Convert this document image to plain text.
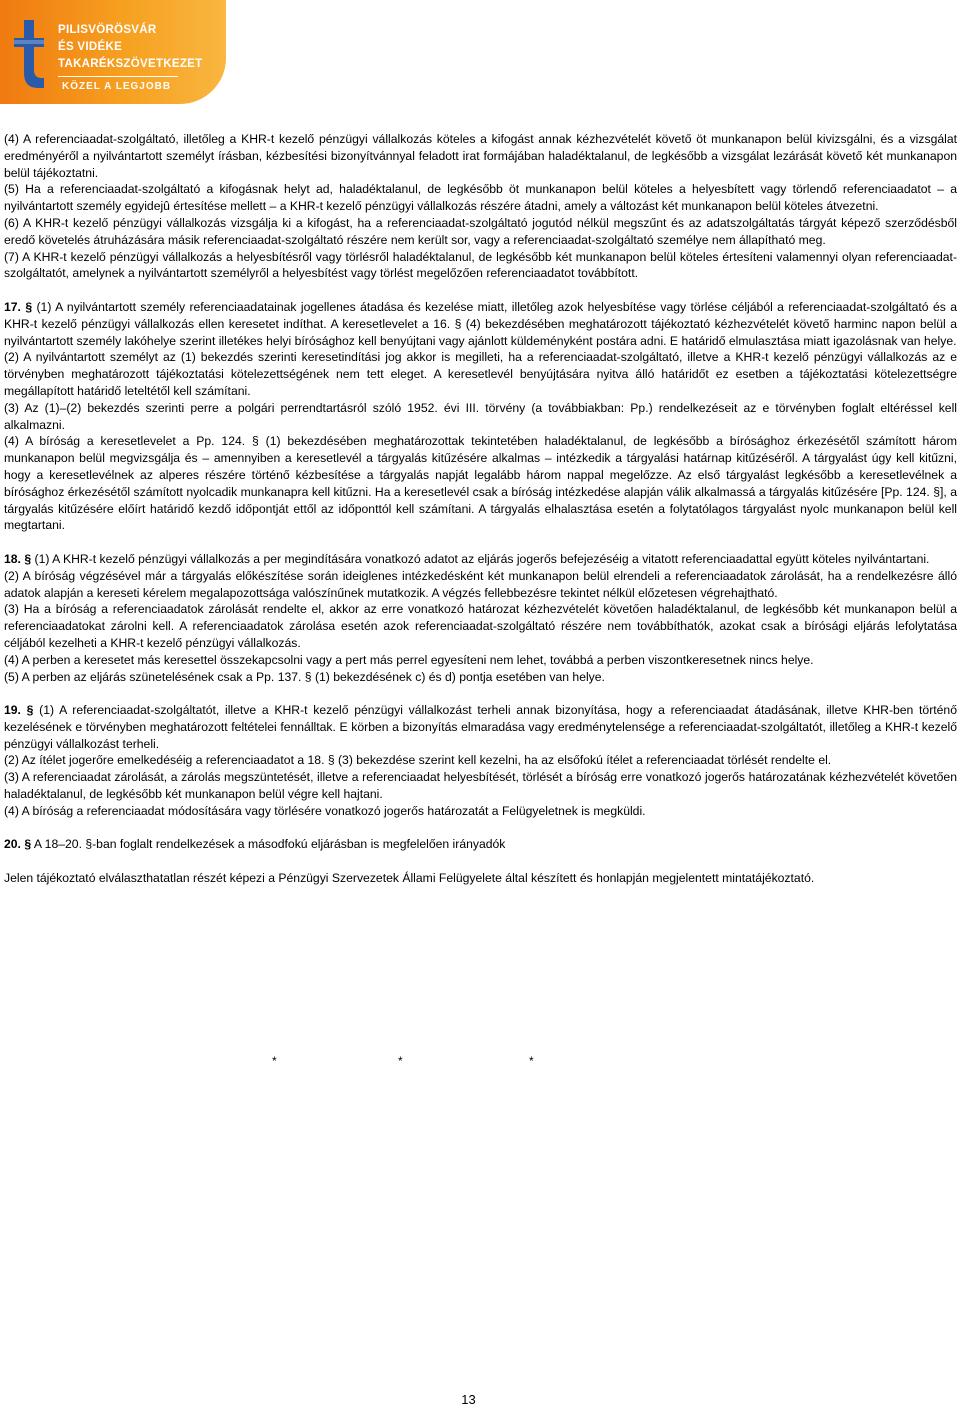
PILISVÖRÖSVÁR
ÉS VIDÉKE
TAKARÉKSZÖVETKEZET
KÖZEL A LEGJOBB

(4) A referenciaadat-szolgáltató, illetőleg a KHR-t kezelő pénzügyi vállalkozás köteles a kifogást annak kézhezvételét követő öt munkanapon belül kivizsgálni, és a vizsgálat eredményéről a nyilvántartott személyt írásban, kézbesítési bizonyítvánnyal feladott irat formájában haladéktalanul, de legkésőbb a vizsgálat lezárását követő két munkanapon belül tájékoztatni.

(5) Ha a referenciaadat-szolgáltató a kifogásnak helyt ad, haladéktalanul, de legkésőbb öt munkanapon belül köteles a helyesbített vagy törlendő referenciaadatot – a nyilvántartott személy egyidejû értesítése mellett – a KHR-t kezelő pénzügyi vállalkozás részére átadni, amely a változást két munkanapon belül köteles átvezetni.

(6) A KHR-t kezelő pénzügyi vállalkozás vizsgálja ki a kifogást, ha a referenciaadat-szolgáltató jogutód nélkül megszűnt és az adatszolgáltatás tárgyát képező szerződésből eredő követelés átruházására másik referenciaadat-szolgáltató részére nem került sor, vagy a referenciaadat-szolgáltató személye nem állapítható meg.

(7) A KHR-t kezelő pénzügyi vállalkozás a helyesbítésről vagy törlésről haladéktalanul, de legkésőbb két munkanapon belül köteles értesíteni valamennyi olyan referenciaadat-szolgáltatót, amelynek a nyilvántartott személyről a helyesbítést vagy törlést megelőzően referenciaadatot továbbított.

17. § (1) A nyilvántartott személy referenciaadatainak jogellenes átadása és kezelése miatt, illetőleg azok helyesbítése vagy törlése céljából a referenciaadat-szolgáltató és a KHR-t kezelő pénzügyi vállalkozás ellen keresetet indíthat. A keresetlevelet a 16. § (4) bekezdésében meghatározott tájékoztató kézhezvételét követő harminc napon belül a nyilvántartott személy lakóhelye szerint illetékes helyi bírósághoz kell benyújtani vagy ajánlott küldeményként postára adni. E határidő elmulasztása miatt igazolásnak van helye.

(2) A nyilvántartott személyt az (1) bekezdés szerinti keresetindítási jog akkor is megilleti, ha a referenciaadat-szolgáltató, illetve a KHR-t kezelő pénzügyi vállalkozás az e törvényben meghatározott tájékoztatási kötelezettségének nem tett eleget. A keresetlevél benyújtására nyitva álló határidőt ez esetben a tájékoztatási kötelezettségre megállapított határidő leteltétől kell számítani.

(3) Az (1)–(2) bekezdés szerinti perre a polgári perrendtartásról szóló 1952. évi III. törvény (a továbbiakban: Pp.) rendelkezéseit az e törvényben foglalt eltéréssel kell alkalmazni.

(4) A bíróság a keresetlevelet a Pp. 124. § (1) bekezdésében meghatározottak tekintetében haladéktalanul, de legkésőbb a bírósághoz érkezésétől számított három munkanapon belül megvizsgálja és – amennyiben a keresetlevél a tárgyalás kitűzésére alkalmas – intézkedik a tárgyalási határnap kitűzéséről. A tárgyalást úgy kell kitűzni, hogy a keresetlevélnek az alperes részére történő kézbesítése a tárgyalás napját legalább három nappal megelőzze. Az első tárgyalást legkésőbb a keresetlevélnek a bírósághoz érkezésétől számított nyolcadik munkanapra kell kitűzni. Ha a keresetlevél csak a bíróság intézkedése alapján válik alkalmassá a tárgyalás kitűzésére [Pp. 124. §], a tárgyalás kitűzésére előírt határidő kezdő időpontját ettől az időponttól kell számítani. A tárgyalás elhalasztása esetén a folytatólagos tárgyalást nyolc munkanapon belül kell megtartani.

18. § (1) A KHR-t kezelő pénzügyi vállalkozás a per megindítására vonatkozó adatot az eljárás jogerős befejezéséig a vitatott referenciaadattal együtt köteles nyilvántartani.

(2) A bíróság végzésével már a tárgyalás előkészítése során ideiglenes intézkedésként két munkanapon belül elrendeli a referenciaadatok zárolását, ha a rendelkezésre álló adatok alapján a kereseti kérelem megalapozottsága valószínűnek mutatkozik. A végzés fellebbezésre tekintet nélkül előzetesen végrehajtható.

(3) Ha a bíróság a referenciaadatok zárolását rendelte el, akkor az erre vonatkozó határozat kézhezvételét követően haladéktalanul, de legkésőbb két munkanapon belül a referenciaadatokat zárolni kell. A referenciaadatok zárolása esetén azok referenciaadat-szolgáltató részére nem továbbíthatók, azokat csak a bírósági eljárás lefolytatása céljából kezelheti a KHR-t kezelő pénzügyi vállalkozás.

(4) A perben a keresetet más keresettel összekapcsolni vagy a pert más perrel egyesíteni nem lehet, továbbá a perben viszontkeresetnek nincs helye.

(5) A perben az eljárás szünetelésének csak a Pp. 137. § (1) bekezdésének c) és d) pontja esetében van helye.

19. § (1) A referenciaadat-szolgáltatót, illetve a KHR-t kezelő pénzügyi vállalkozást terheli annak bizonyítása, hogy a referenciaadat átadásának, illetve KHR-ben történő kezelésének e törvényben meghatározott feltételei fennálltak. E körben a bizonyítás elmaradása vagy eredménytelensége a referenciaadat-szolgáltatót, illetőleg a KHR-t kezelő pénzügyi vállalkozást terheli.

(2) Az ítélet jogerőre emelkedéséig a referenciaadatot a 18. § (3) bekezdése szerint kell kezelni, ha az elsőfokú ítélet a referenciaadat törlését rendelte el.

(3) A referenciaadat zárolását, a zárolás megszüntetését, illetve a referenciaadat helyesbítését, törlését a bíróság erre vonatkozó jogerős határozatának kézhezvételét követően haladéktalanul, de legkésőbb két munkanapon belül végre kell hajtani.

(4) A bíróság a referenciaadat módosítására vagy törlésére vonatkozó jogerős határozatát a Felügyeletnek is megküldi.

20. § A 18–20. §-ban foglalt rendelkezések a másodfokú eljárásban is megfelelően irányadók

Jelen tájékoztató elválaszthatatlan részét képezi a Pénzügyi Szervezetek Állami Felügyelete által készített és honlapján megjelentett mintatájékoztató.

*	*	*
13
